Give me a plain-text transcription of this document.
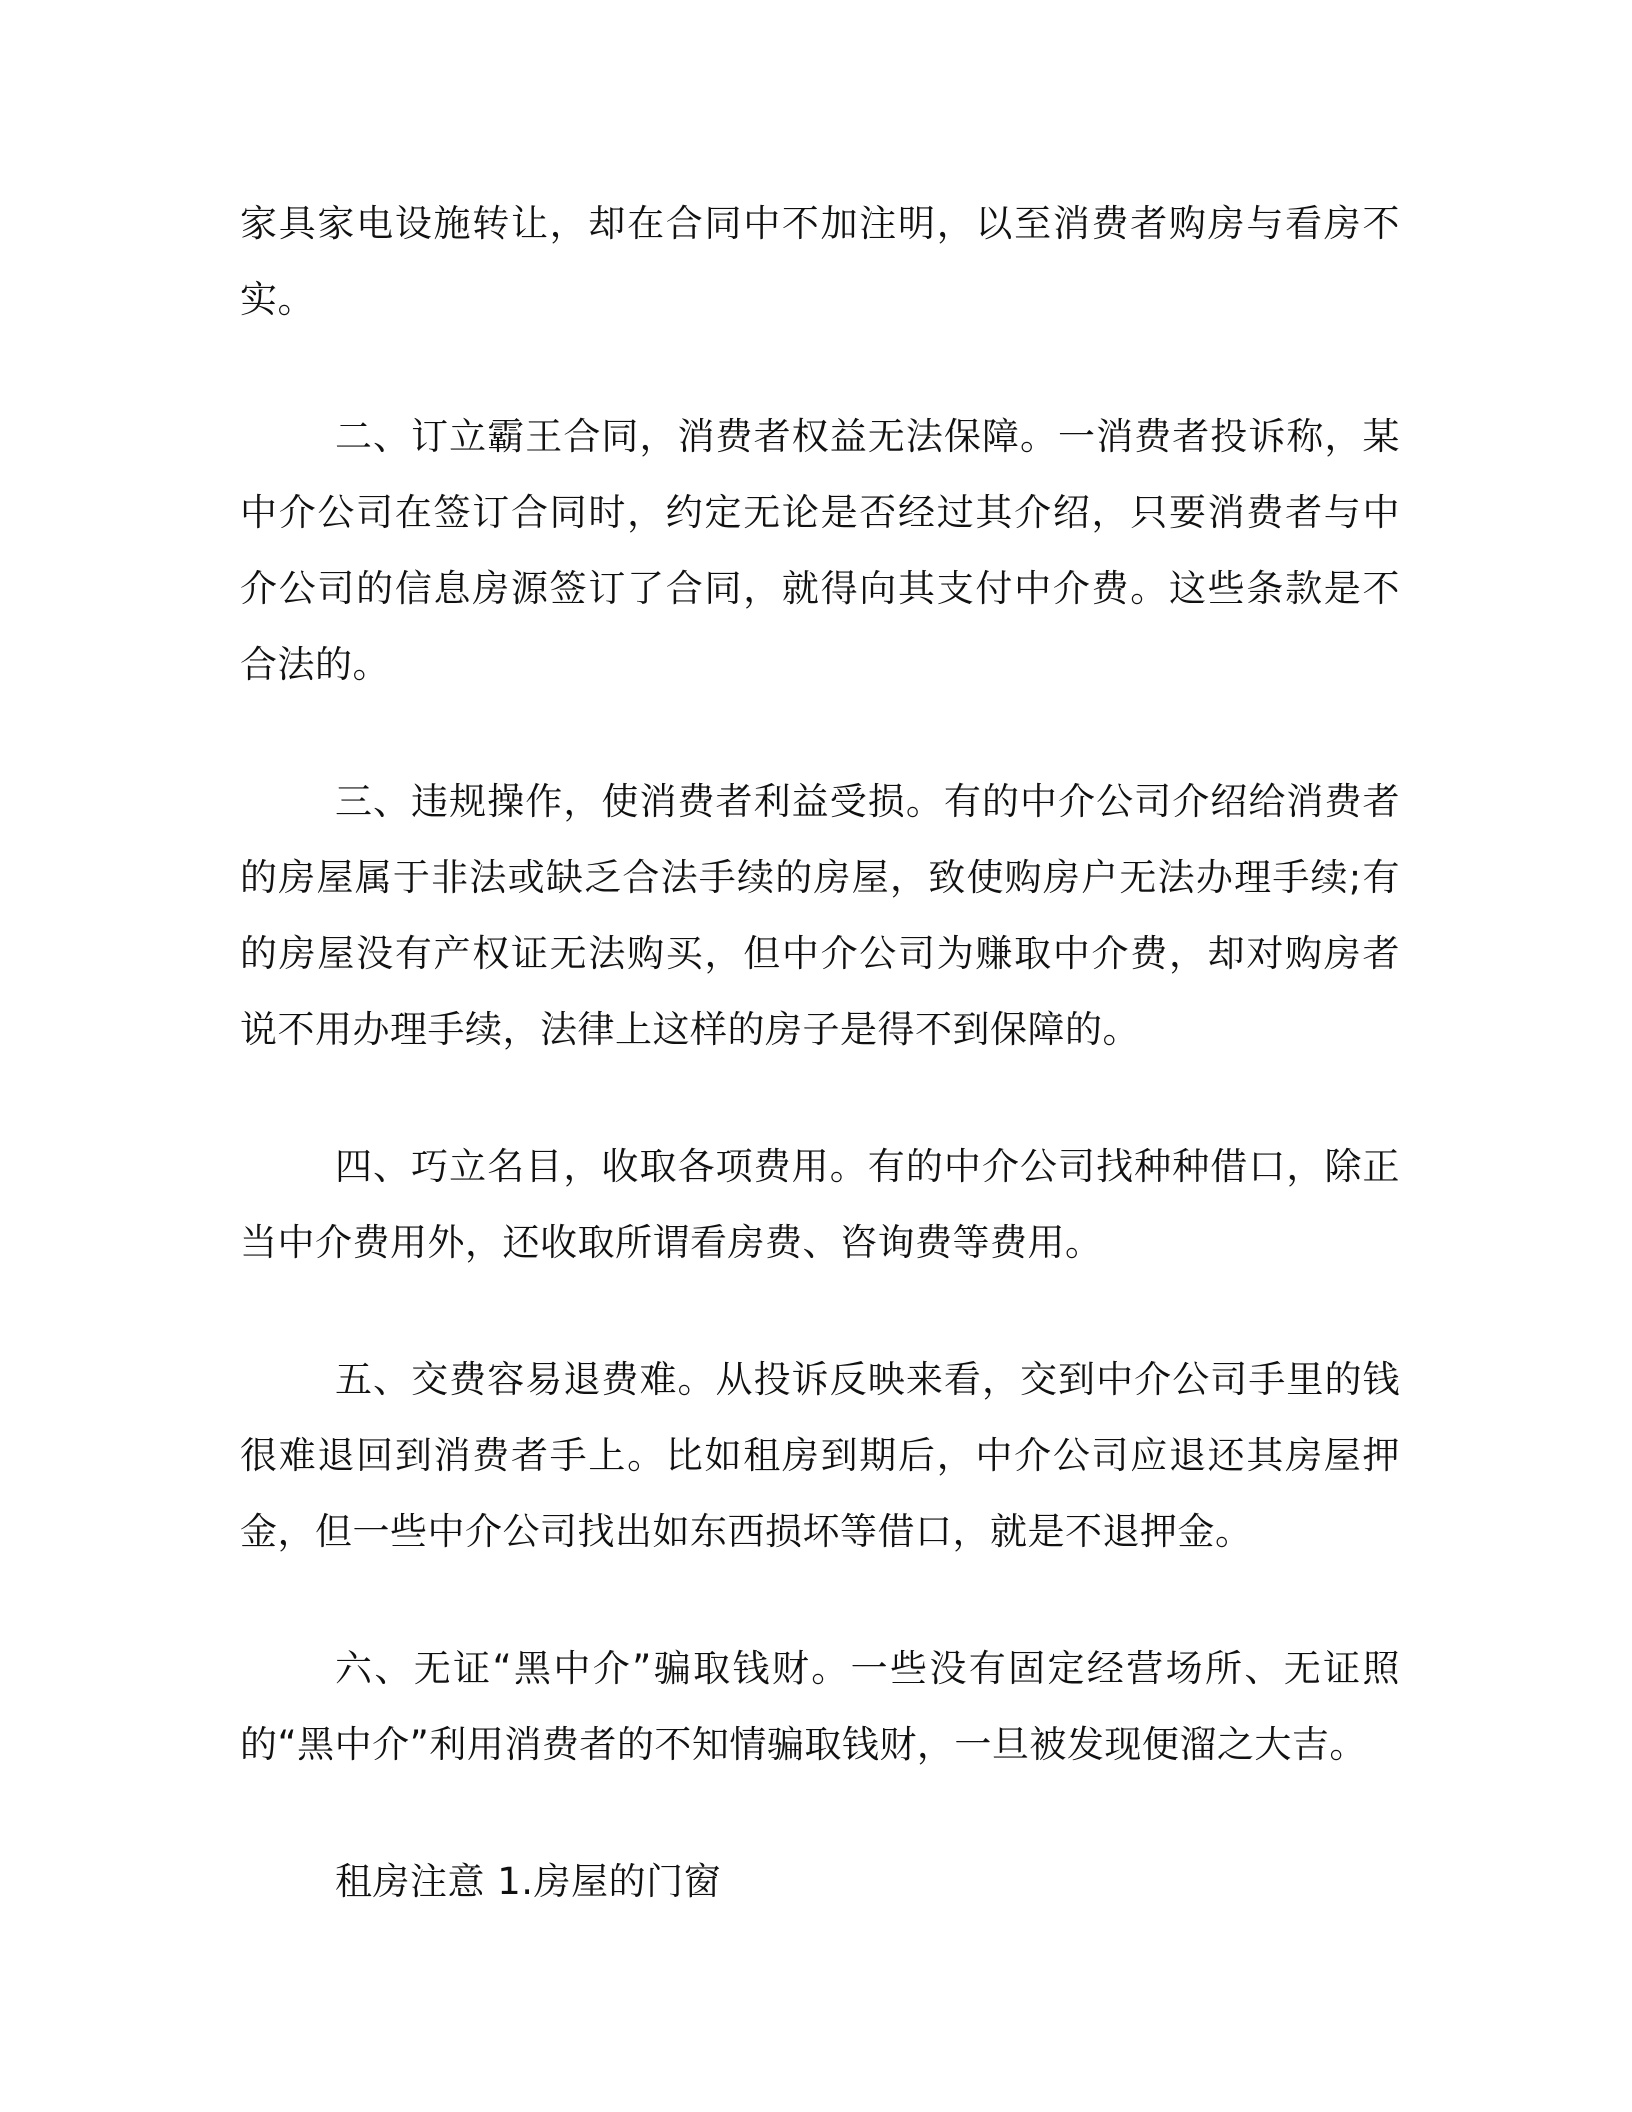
家具家电设施转让，却在合同中不加注明，以至消费者购房与看房不实。

二、订立霸王合同，消费者权益无法保障。一消费者投诉称，某中介公司在签订合同时，约定无论是否经过其介绍，只要消费者与中介公司的信息房源签订了合同，就得向其支付中介费。这些条款是不合法的。

三、违规操作，使消费者利益受损。有的中介公司介绍给消费者的房屋属于非法或缺乏合法手续的房屋，致使购房户无法办理手续;有的房屋没有产权证无法购买，但中介公司为赚取中介费，却对购房者说不用办理手续，法律上这样的房子是得不到保障的。

四、巧立名目，收取各项费用。有的中介公司找种种借口，除正当中介费用外，还收取所谓看房费、咨询费等费用。

五、交费容易退费难。从投诉反映来看，交到中介公司手里的钱很难退回到消费者手上。比如租房到期后，中介公司应退还其房屋押金，但一些中介公司找出如东西损坏等借口，就是不退押金。

六、无证“黑中介”骗取钱财。一些没有固定经营场所、无证照的“黑中介”利用消费者的不知情骗取钱财，一旦被发现便溜之大吉。

租房注意 1.房屋的门窗
